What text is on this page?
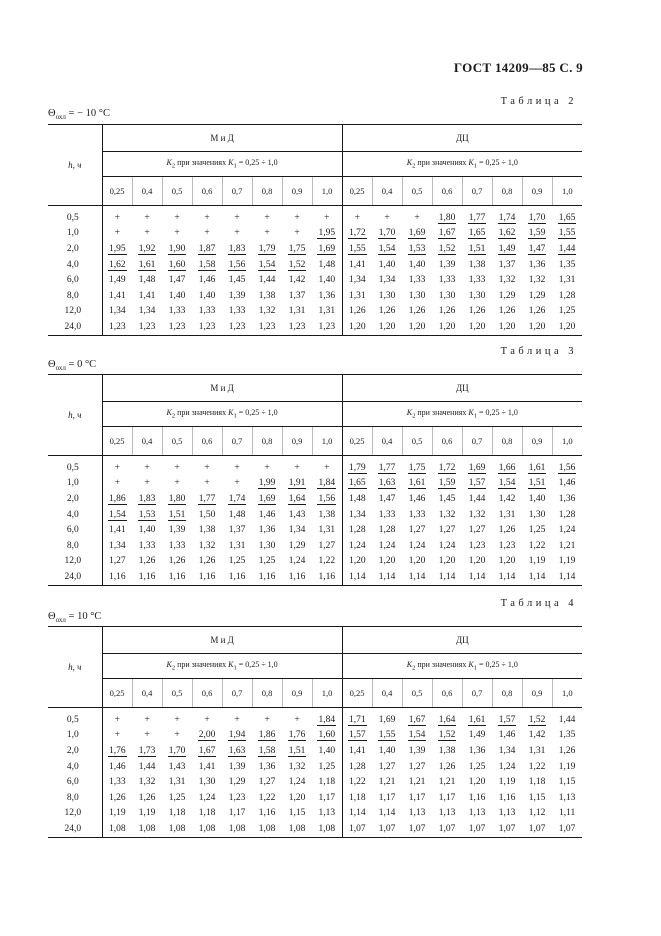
ГОСТ 14209—85 С. 9
Таблица 2
$\Theta_{охл}$ = − 10 °С
h, ч	М и Д								ДЦ							
	$K_2$ при значениях $K_1 = 0,25 \div 1,0$								$K_2$ при значениях $K_1 = 0,25 \div 1,0$							
	0,25	0,4	0,5	0,6	0,7	0,8	0,9	1,0	0,25	0,4	0,5	0,6	0,7	0,8	0,9	1,0
0,5	+	+	+	+	+	+	+	+	+	+	+	1,80	1,77	1,74	1,70	1,65
1,0	+	+	+	+	+	+	+	1,95	1,72	1,70	1,69	1,67	1,65	1,62	1,59	1,55
2,0	1,95	1,92	1,90	1,87	1,83	1,79	1,75	1,69	1,55	1,54	1,53	1,52	1,51	1,49	1,47	1,44
4,0	1,62	1,61	1,60	1,58	1,56	1,54	1,52	1,48	1,41	1,40	1,40	1,39	1,38	1,37	1,36	1,35
6,0	1,49	1,48	1,47	1,46	1,45	1,44	1,42	1,40	1,34	1,34	1,33	1,33	1,33	1,32	1,32	1,31
8,0	1,41	1,41	1,40	1,40	1,39	1,38	1,37	1,36	1,31	1,30	1,30	1,30	1,30	1,29	1,29	1,28
12,0	1,34	1,34	1,33	1,33	1,33	1,32	1,31	1,31	1,26	1,26	1,26	1,26	1,26	1,26	1,26	1,25
24,0	1,23	1,23	1,23	1,23	1,23	1,23	1,23	1,23	1,20	1,20	1,20	1,20	1,20	1,20	1,20	1,20
Таблица 3
$\Theta_{охл} = 0$ °С
h, ч	М и Д								ДЦ							
	$K_2$ при значениях $K_1 = 0,25 \div 1,0$								$K_2$ при значениях $K_1 = 0,25 \div 1,0$							
	0,25	0,4	0,5	0,6	0,7	0,8	0,9	1,0	0,25	0,4	0,5	0,6	0,7	0,8	0,9	1,0
0,5	+	+	+	+	+	+	+	+	1,79	1,77	1,75	1,72	1,69	1,66	1,61	1,56
1,0	+	+	+	+	+	1,99	1,91	1,84	1,65	1,63	1,61	1,59	1,57	1,54	1,51	1,46
2,0	1,86	1,83	1,80	1,77	1,74	1,69	1,64	1,56	1,48	1,47	1,46	1,45	1,44	1,42	1,40	1,36
4,0	1,54	1,53	1,51	1,50	1,48	1,46	1,43	1,38	1,34	1,33	1,33	1,32	1,32	1,31	1,30	1,28
6,0	1,41	1,40	1,39	1,38	1,37	1,36	1,34	1,31	1,28	1,28	1,27	1,27	1,27	1,26	1,25	1,24
8,0	1,34	1,33	1,33	1,32	1,31	1,30	1,29	1,27	1,24	1,24	1,24	1,24	1,23	1,23	1,22	1,21
12,0	1,27	1,26	1,26	1,26	1,25	1,25	1,24	1,22	1,20	1,20	1,20	1,20	1,20	1,20	1,19	1,19
24,0	1,16	1,16	1,16	1,16	1,16	1,16	1,16	1,16	1,14	1,14	1,14	1,14	1,14	1,14	1,14	1,14
Таблица 4
$\Theta_{охл} = 10$ °С
h, ч	М и Д								ДЦ							
	$K_2$ при значениях $K_1 = 0,25 \div 1,0$								$K_2$ при значениях $K_1 = 0,25 \div 1,0$							
	0,25	0,4	0,5	0,6	0,7	0,8	0,9	1,0	0,25	0,4	0,5	0,6	0,7	0,8	0,9	1,0
0,5	+	+	+	+	+	+	+	1,84	1,71	1,69	1,67	1,64	1,61	1,57	1,52	1,44
1,0	+	+	+	2,00	1,94	1,86	1,76	1,60	1,57	1,55	1,54	1,52	1,49	1,46	1,42	1,35
2,0	1,76	1,73	1,70	1,67	1,63	1,58	1,51	1,40	1,41	1,40	1,39	1,38	1,36	1,34	1,31	1,26
4,0	1,46	1,44	1,43	1,41	1,39	1,36	1,32	1,25	1,28	1,27	1,27	1,26	1,25	1,24	1,22	1,19
6,0	1,33	1,32	1,31	1,30	1,29	1,27	1,24	1,18	1,22	1,21	1,21	1,21	1,20	1,19	1,18	1,15
8,0	1,26	1,26	1,25	1,24	1,23	1,22	1,20	1,17	1,18	1,17	1,17	1,17	1,16	1,16	1,15	1,13
12,0	1,19	1,19	1,18	1,18	1,17	1,16	1,15	1,13	1,14	1,14	1,13	1,13	1,13	1,13	1,12	1,11
24,0	1,08	1,08	1,08	1,08	1,08	1,08	1,08	1,08	1,07	1,07	1,07	1,07	1,07	1,07	1,07	1,07
